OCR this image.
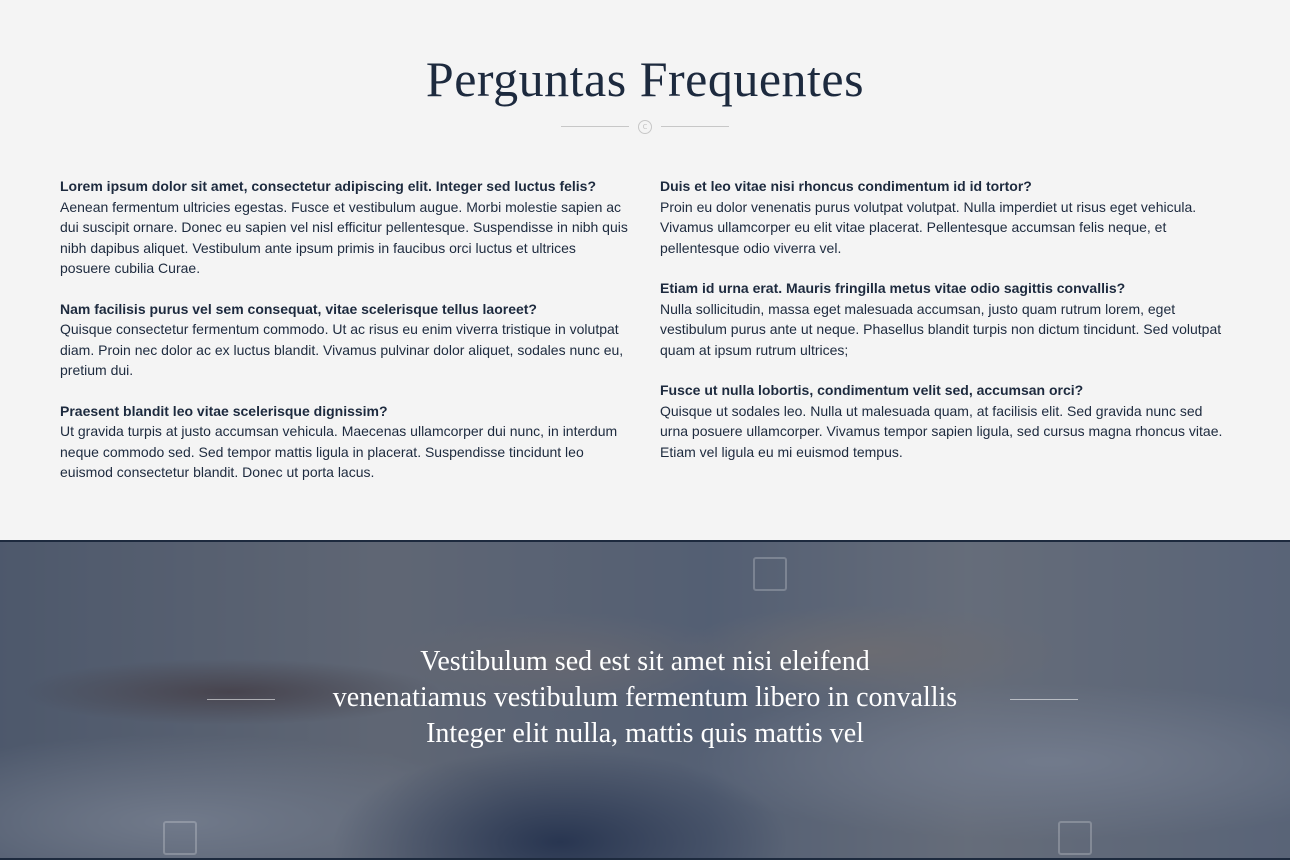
Perguntas Frequentes
c

Lorem ipsum dolor sit amet, consectetur adipiscing elit. Integer sed luctus felis?

Aenean fermentum ultricies egestas. Fusce et vestibulum augue. Morbi molestie sapien ac dui suscipit ornare. Donec eu sapien vel nisl efficitur pellentesque. Suspendisse in nibh quis nibh dapibus aliquet. Vestibulum ante ipsum primis in faucibus orci luctus et ultrices posuere cubilia Curae.

Nam facilisis purus vel sem consequat, vitae scelerisque tellus laoreet?

Quisque consectetur fermentum commodo. Ut ac risus eu enim viverra tristique in volutpat diam. Proin nec dolor ac ex luctus blandit. Vivamus pulvinar dolor aliquet, sodales nunc eu, pretium dui.

Praesent blandit leo vitae scelerisque dignissim?

Ut gravida turpis at justo accumsan vehicula. Maecenas ullamcorper dui nunc, in interdum neque commodo sed. Sed tempor mattis ligula in placerat. Suspendisse tincidunt leo euismod consectetur blandit. Donec ut porta lacus.

Duis et leo vitae nisi rhoncus condimentum id id tortor?

Proin eu dolor venenatis purus volutpat volutpat. Nulla imperdiet ut risus eget vehicula. Vivamus ullamcorper eu elit vitae placerat. Pellentesque accumsan felis neque, et pellentesque odio viverra vel.

Etiam id urna erat. Mauris fringilla metus vitae odio sagittis convallis?

Nulla sollicitudin, massa eget malesuada accumsan, justo quam rutrum lorem, eget vestibulum purus ante ut neque. Phasellus blandit turpis non dictum tincidunt. Sed volutpat quam at ipsum rutrum ultrices;

Fusce ut nulla lobortis, condimentum velit sed, accumsan orci?

Quisque ut sodales leo. Nulla ut malesuada quam, at facilisis elit. Sed gravida nunc sed urna posuere ullamcorper. Vivamus tempor sapien ligula, sed cursus magna rhoncus vitae. Etiam vel ligula eu mi euismod tempus.

Vestibulum sed est sit amet nisi eleifend
venenatiamus vestibulum fermentum libero in convallis
Integer elit nulla, mattis quis mattis vel
